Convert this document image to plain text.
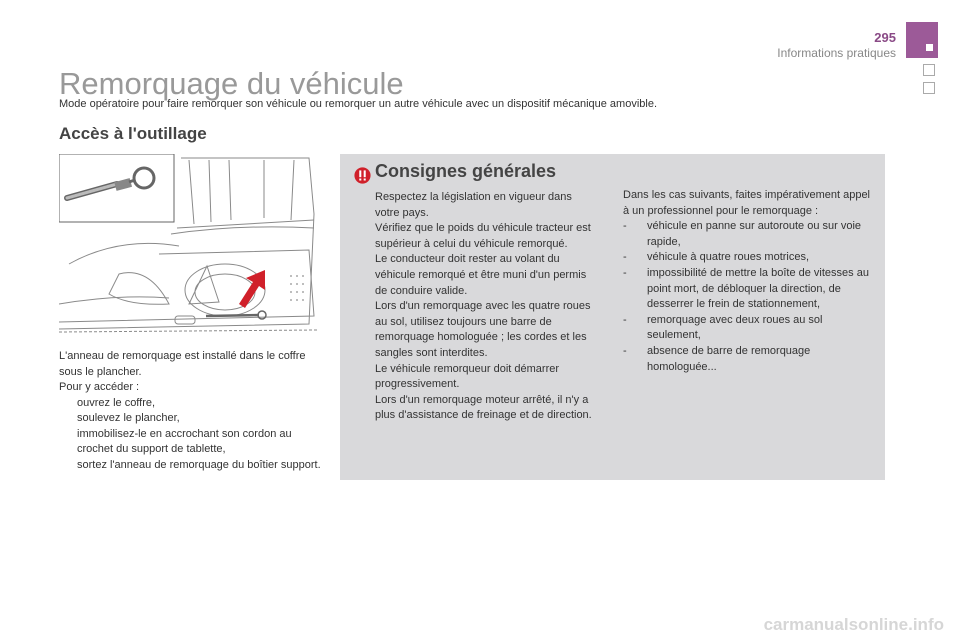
295
Informations pratiques
Remorquage du véhicule
Mode opératoire pour faire remorquer son véhicule ou remorquer un autre véhicule avec un dispositif mécanique amovible.
Accès à l'outillage

L'anneau de remorquage est installé dans le coffre sous le plancher.

Pour y accéder :

ouvrez le coffre,
soulevez le plancher,
immobilisez-le en accrochant son cordon au crochet du support de tablette,
sortez l'anneau de remorquage du boîtier support.
Consignes générales

Respectez la législation en vigueur dans votre pays.

Vérifiez que le poids du véhicule tracteur est supérieur à celui du véhicule remorqué.

Le conducteur doit rester au volant du véhicule remorqué et être muni d'un permis de conduire valide.

Lors d'un remorquage avec les quatre roues au sol, utilisez toujours une barre de remorquage homologuée ; les cordes et les sangles sont interdites.

Le véhicule remorqueur doit démarrer progressivement.

Lors d'un remorquage moteur arrêté, il n'y a plus d'assistance de freinage et de direction.

Dans les cas suivants, faites impérativement appel à un professionnel pour le remorquage :

- véhicule en panne sur autoroute ou sur voie rapide,
- véhicule à quatre roues motrices,
- impossibilité de mettre la boîte de vitesses au point mort, de débloquer la direction, de desserrer le frein de stationnement,
- remorquage avec deux roues au sol seulement,
- absence de barre de remorquage homologuée...
carmanualsonline.info
